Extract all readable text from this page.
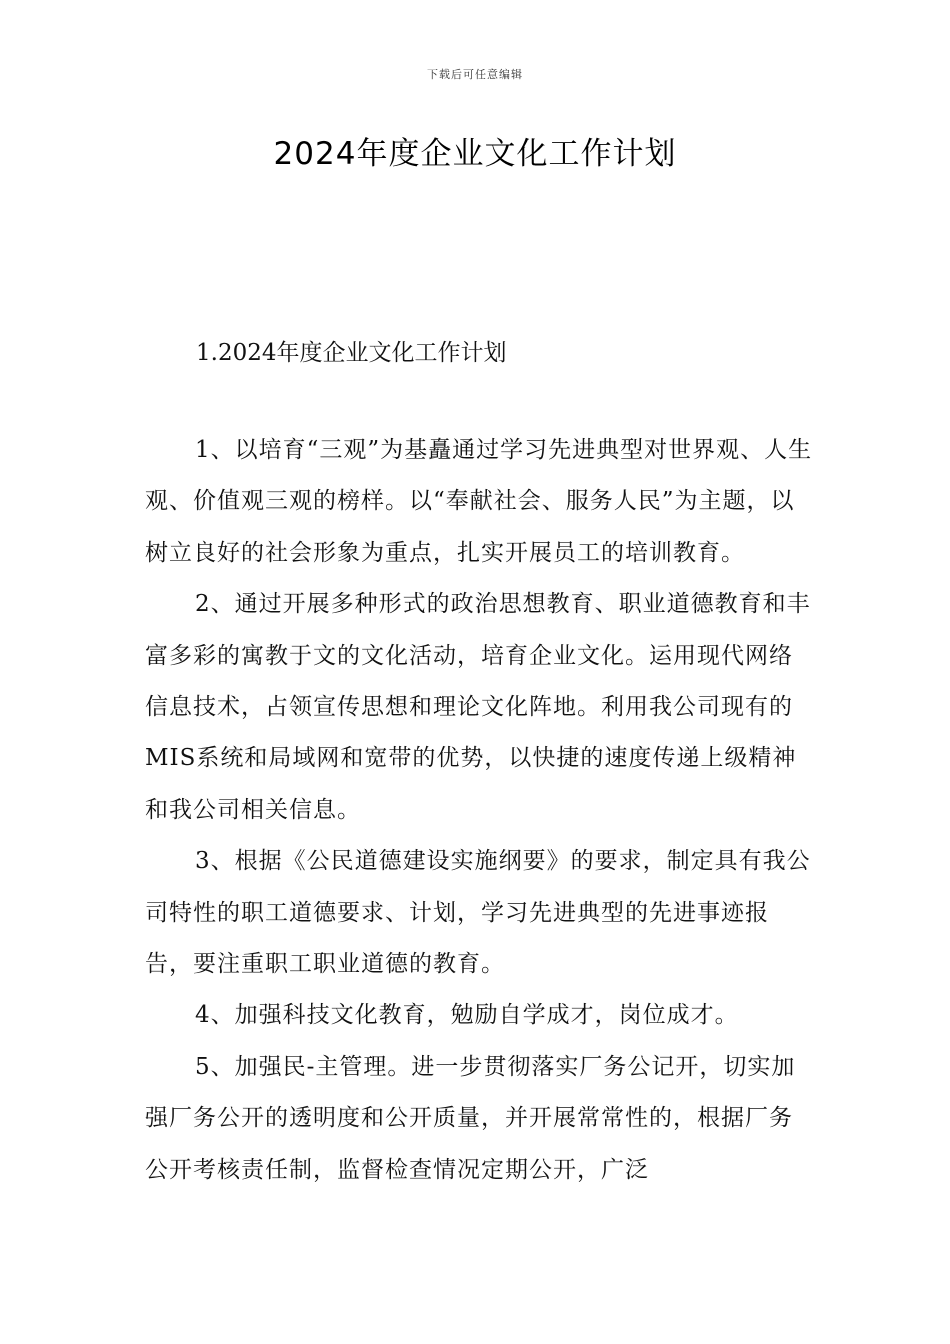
下载后可任意编辑
2024年度企业文化工作计划
1.2024年度企业文化工作计划

1、以培育“三观”为基矗通过学习先进典型对世界观、人生观、价值观三观的榜样。以“奉献社会、服务人民”为主题，以树立良好的社会形象为重点，扎实开展员工的培训教育。

2、通过开展多种形式的政治思想教育、职业道德教育和丰富多彩的寓教于文的文化活动，培育企业文化。运用现代网络信息技术，占领宣传思想和理论文化阵地。利用我公司现有的MIS系统和局域网和宽带的优势，以快捷的速度传递上级精神和我公司相关信息。

3、根据《公民道德建设实施纲要》的要求，制定具有我公司特性的职工道德要求、计划，学习先进典型的先进事迹报告，要注重职工职业道德的教育。

4、加强科技文化教育，勉励自学成才，岗位成才。

5、加强民-主管理。进一步贯彻落实厂务公记开，切实加强厂务公开的透明度和公开质量，并开展常常性的，根据厂务公开考核责任制，监督检查情况定期公开，广泛
